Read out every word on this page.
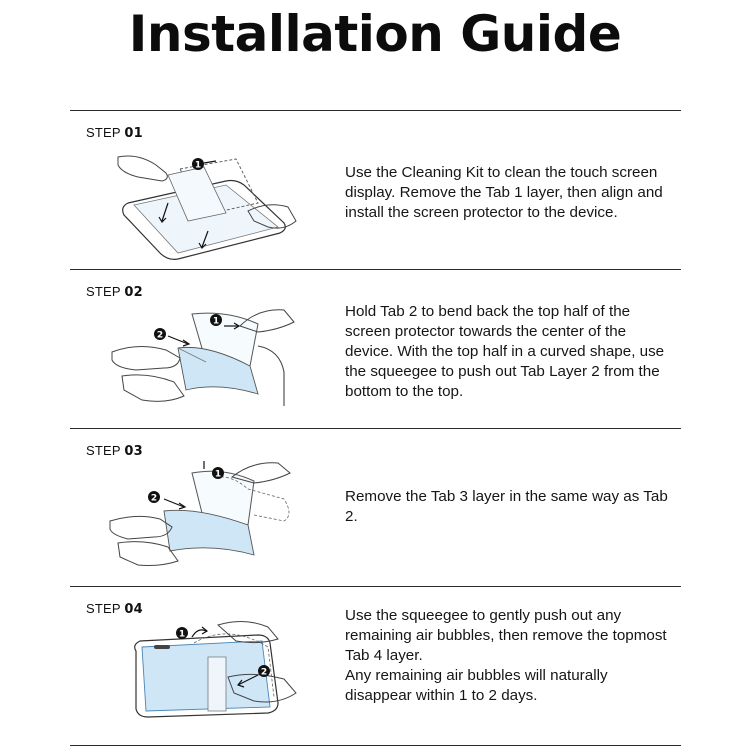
Installation Guide
STEP 01
1	Use the Cleaning Kit to clean the touch screen display. Remove the Tab 1 layer, then align and install the screen protector to the device.

STEP 02
1
2

Hold Tab 2 to bend back the top half of the screen protector towards the center of the device. With the top half in a curved shape, use the squeegee to push out Tab Layer 2 from the bottom to the top.

STEP 03
1
2	Remove the Tab 3 layer in the same way as Tab 2.

STEP 04
1
2

Use the squeegee to gently push out any remaining air bubbles, then remove the topmost Tab 4 layer.

Any remaining air bubbles will naturally disappear within 1 to 2 days.
